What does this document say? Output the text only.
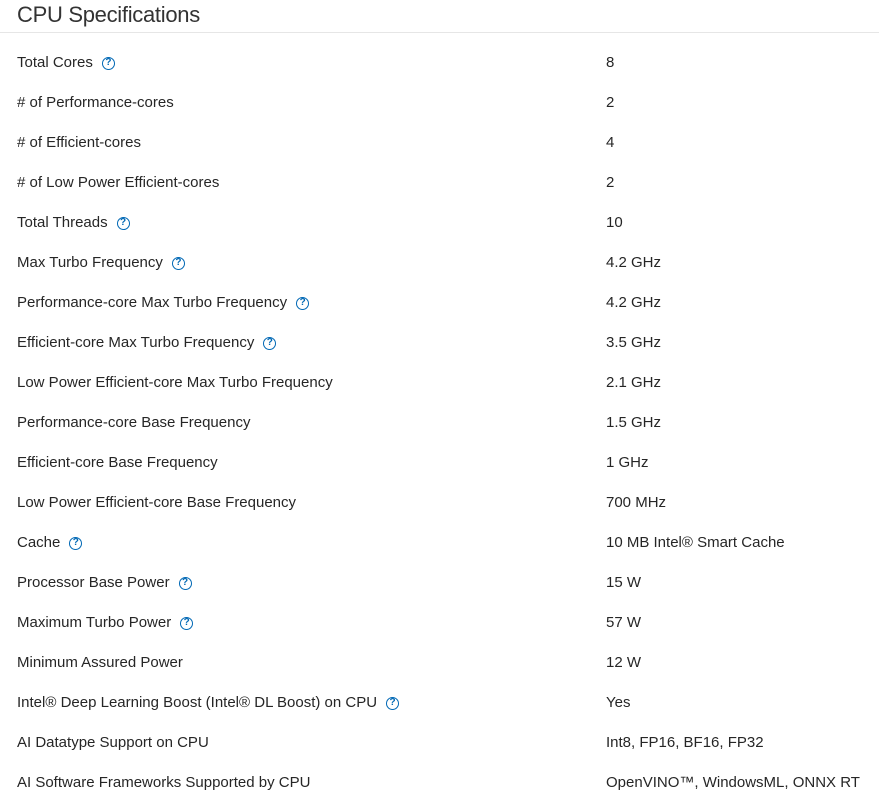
CPU Specifications
Total Cores	?	8
# of Performance-cores	2
# of Efficient-cores	4
# of Low Power Efficient-cores	2
Total Threads	?	10
Max Turbo Frequency	?	4.2 GHz
Performance-core Max Turbo Frequency	?	4.2 GHz
Efficient-core Max Turbo Frequency	?	3.5 GHz
Low Power Efficient-core Max Turbo Frequency	2.1 GHz
Performance-core Base Frequency	1.5 GHz
Efficient-core Base Frequency	1 GHz
Low Power Efficient-core Base Frequency	700 MHz
Cache	?	10 MB Intel® Smart Cache
Processor Base Power	?	15 W
Maximum Turbo Power	?	57 W
Minimum Assured Power	12 W
Intel® Deep Learning Boost (Intel® DL Boost) on CPU	?	Yes
AI Datatype Support on CPU	Int8, FP16, BF16, FP32
AI Software Frameworks Supported by CPU	OpenVINO™, WindowsML, ONNX RT
